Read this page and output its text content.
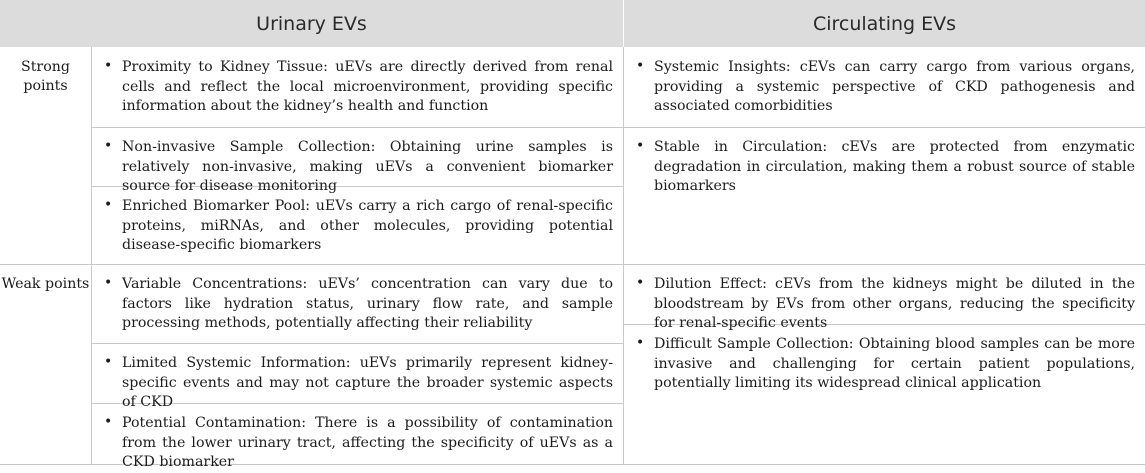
Urinary EVs	Circulating EVs
Strong points
Weak points
• Proximity to Kidney Tissue: uEVs are directly derived from renal cells and reflect the local microenvironment, providing specific information about the kidney’s health and function
• Non-invasive Sample Collection: Obtaining urine samples is relatively non-invasive, making uEVs a convenient biomarker source for disease monitoring
• Enriched Biomarker Pool: uEVs carry a rich cargo of renal-specific proteins, miRNAs, and other molecules, providing potential disease-specific biomarkers
• Systemic Insights: cEVs can carry cargo from various organs, providing a systemic perspective of CKD pathogenesis and associated comorbidities
• Stable in Circulation: cEVs are protected from enzymatic degradation in circulation, making them a robust source of stable biomarkers
• Variable Concentrations: uEVs’ concentration can vary due to factors like hydration status, urinary flow rate, and sample processing methods, potentially affecting their reliability
• Limited Systemic Information: uEVs primarily represent kidney-specific events and may not capture the broader systemic aspects of CKD
• Potential Contamination: There is a possibility of contamination from the lower urinary tract, affecting the specificity of uEVs as a CKD biomarker
• Dilution Effect: cEVs from the kidneys might be diluted in the bloodstream by EVs from other organs, reducing the specificity for renal-specific events
• Difficult Sample Collection: Obtaining blood samples can be more invasive and challenging for certain patient populations, potentially limiting its widespread clinical application
